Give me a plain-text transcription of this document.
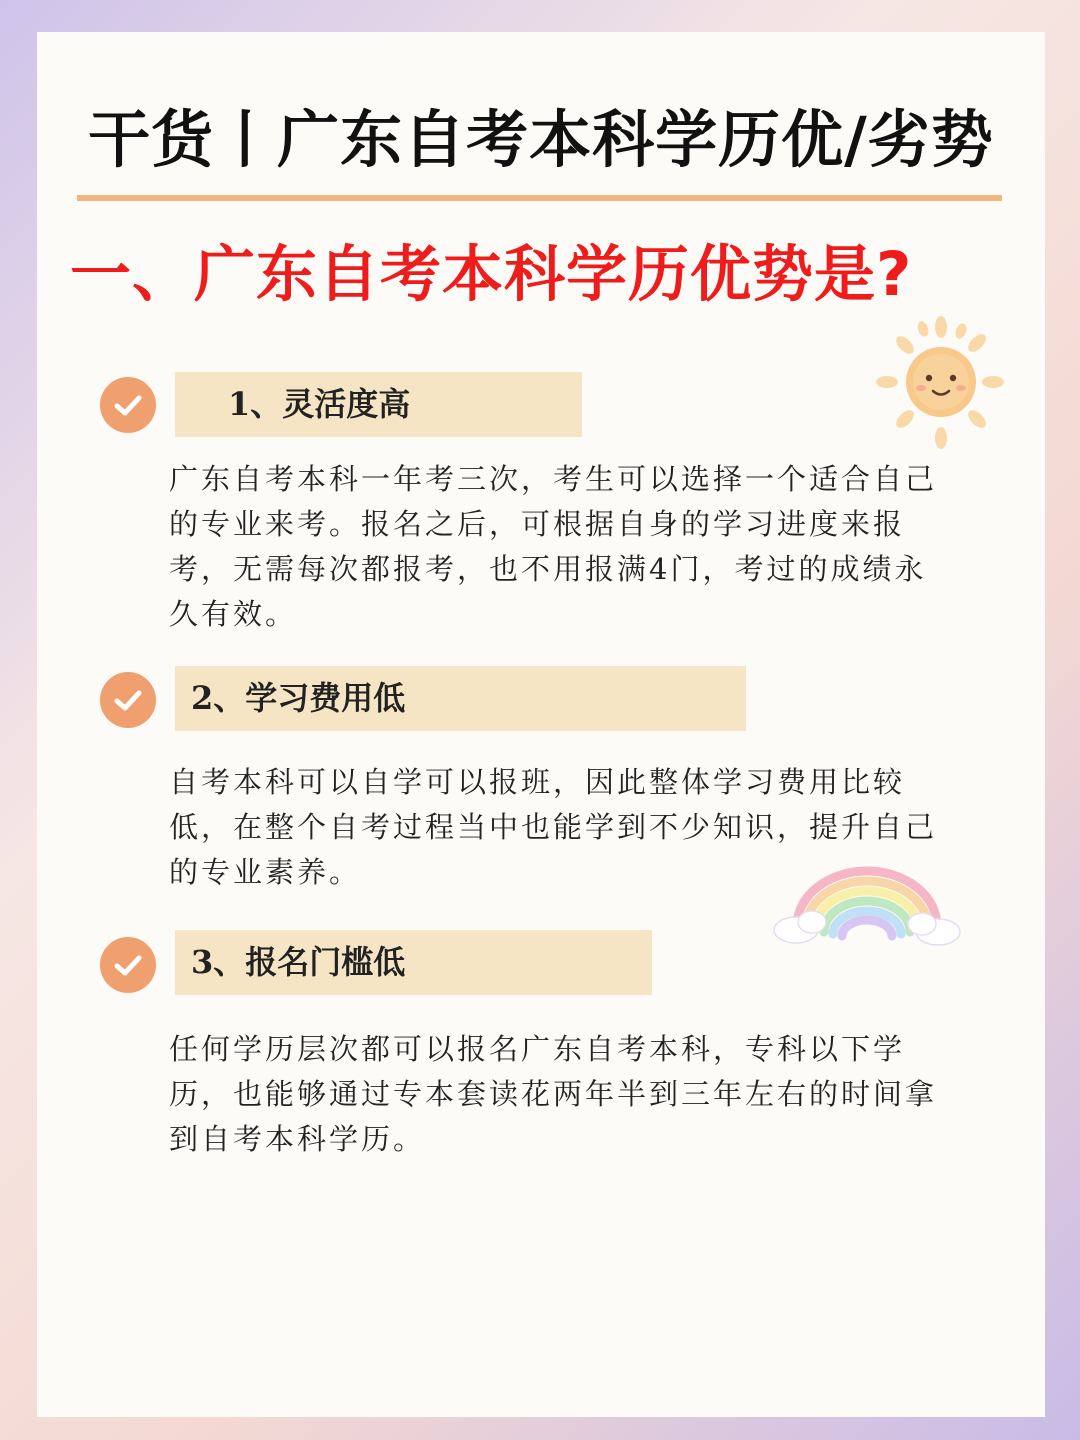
干货丨广东自考本科学历优/劣势
一、广东自考本科学历优势是?
1、灵活度高
广东自考本科一年考三次，考生可以选择一个适合自己的专业来考。报名之后，可根据自身的学习进度来报考，无需每次都报考，也不用报满4门，考过的成绩永久有效。
2、学习费用低
自考本科可以自学可以报班，因此整体学习费用比较低，在整个自考过程当中也能学到不少知识，提升自己的专业素养。
3、报名门槛低
任何学历层次都可以报名广东自考本科，专科以下学历，也能够通过专本套读花两年半到三年左右的时间拿到自考本科学历。
